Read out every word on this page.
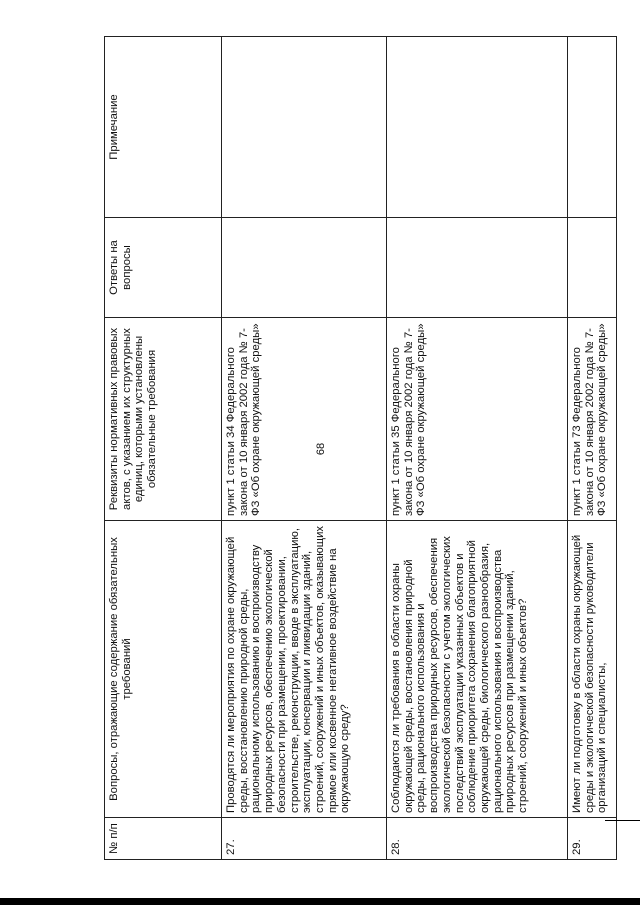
68
№ п/п	Вопросы, отражающие содержание обязательных требований	Реквизиты нормативных правовых актов, с указанием их структурных единиц, которыми установлены обязательные требования	Ответы на вопросы	Примечание
27.	Проводятся ли мероприятия по охране окружающей среды, восстановлению природной среды, рациональному использованию и воспроизводству природных ресурсов, обеспечению экологической безопасности при размещении, проектировании, строительстве, реконструкции, вводе в эксплуатацию, эксплуатации, консервации и ликвидации зданий, строений, сооружений и иных объектов, оказывающих прямое или косвенное негативное воздействие на окружающую среду?	пункт 1 статьи 34 Федерального закона от 10 января 2002 года № 7-ФЗ «Об охране окружающей среды»		
28.	Соблюдаются ли требования в области охраны окружающей среды, восстановления природной среды, рационального использования и воспроизводства природных ресурсов, обеспечения экологической безопасности с учетом экологических последствий эксплуатации указанных объектов и соблюдение приоритета сохранения благоприятной окружающей среды, биологического разнообразия, рационального использования и воспроизводства природных ресурсов при размещении зданий, строений, сооружений и иных объектов?	пункт 1 статьи 35 Федерального закона от 10 января 2002 года № 7-ФЗ «Об охране окружающей среды»		
29.	Имеют ли подготовку в области охраны окружающей среды и экологической безопасности руководители организаций и специалисты,	пункт 1 статьи 73 Федерального закона от 10 января 2002 года № 7-ФЗ «Об охране окружающей среды»		
